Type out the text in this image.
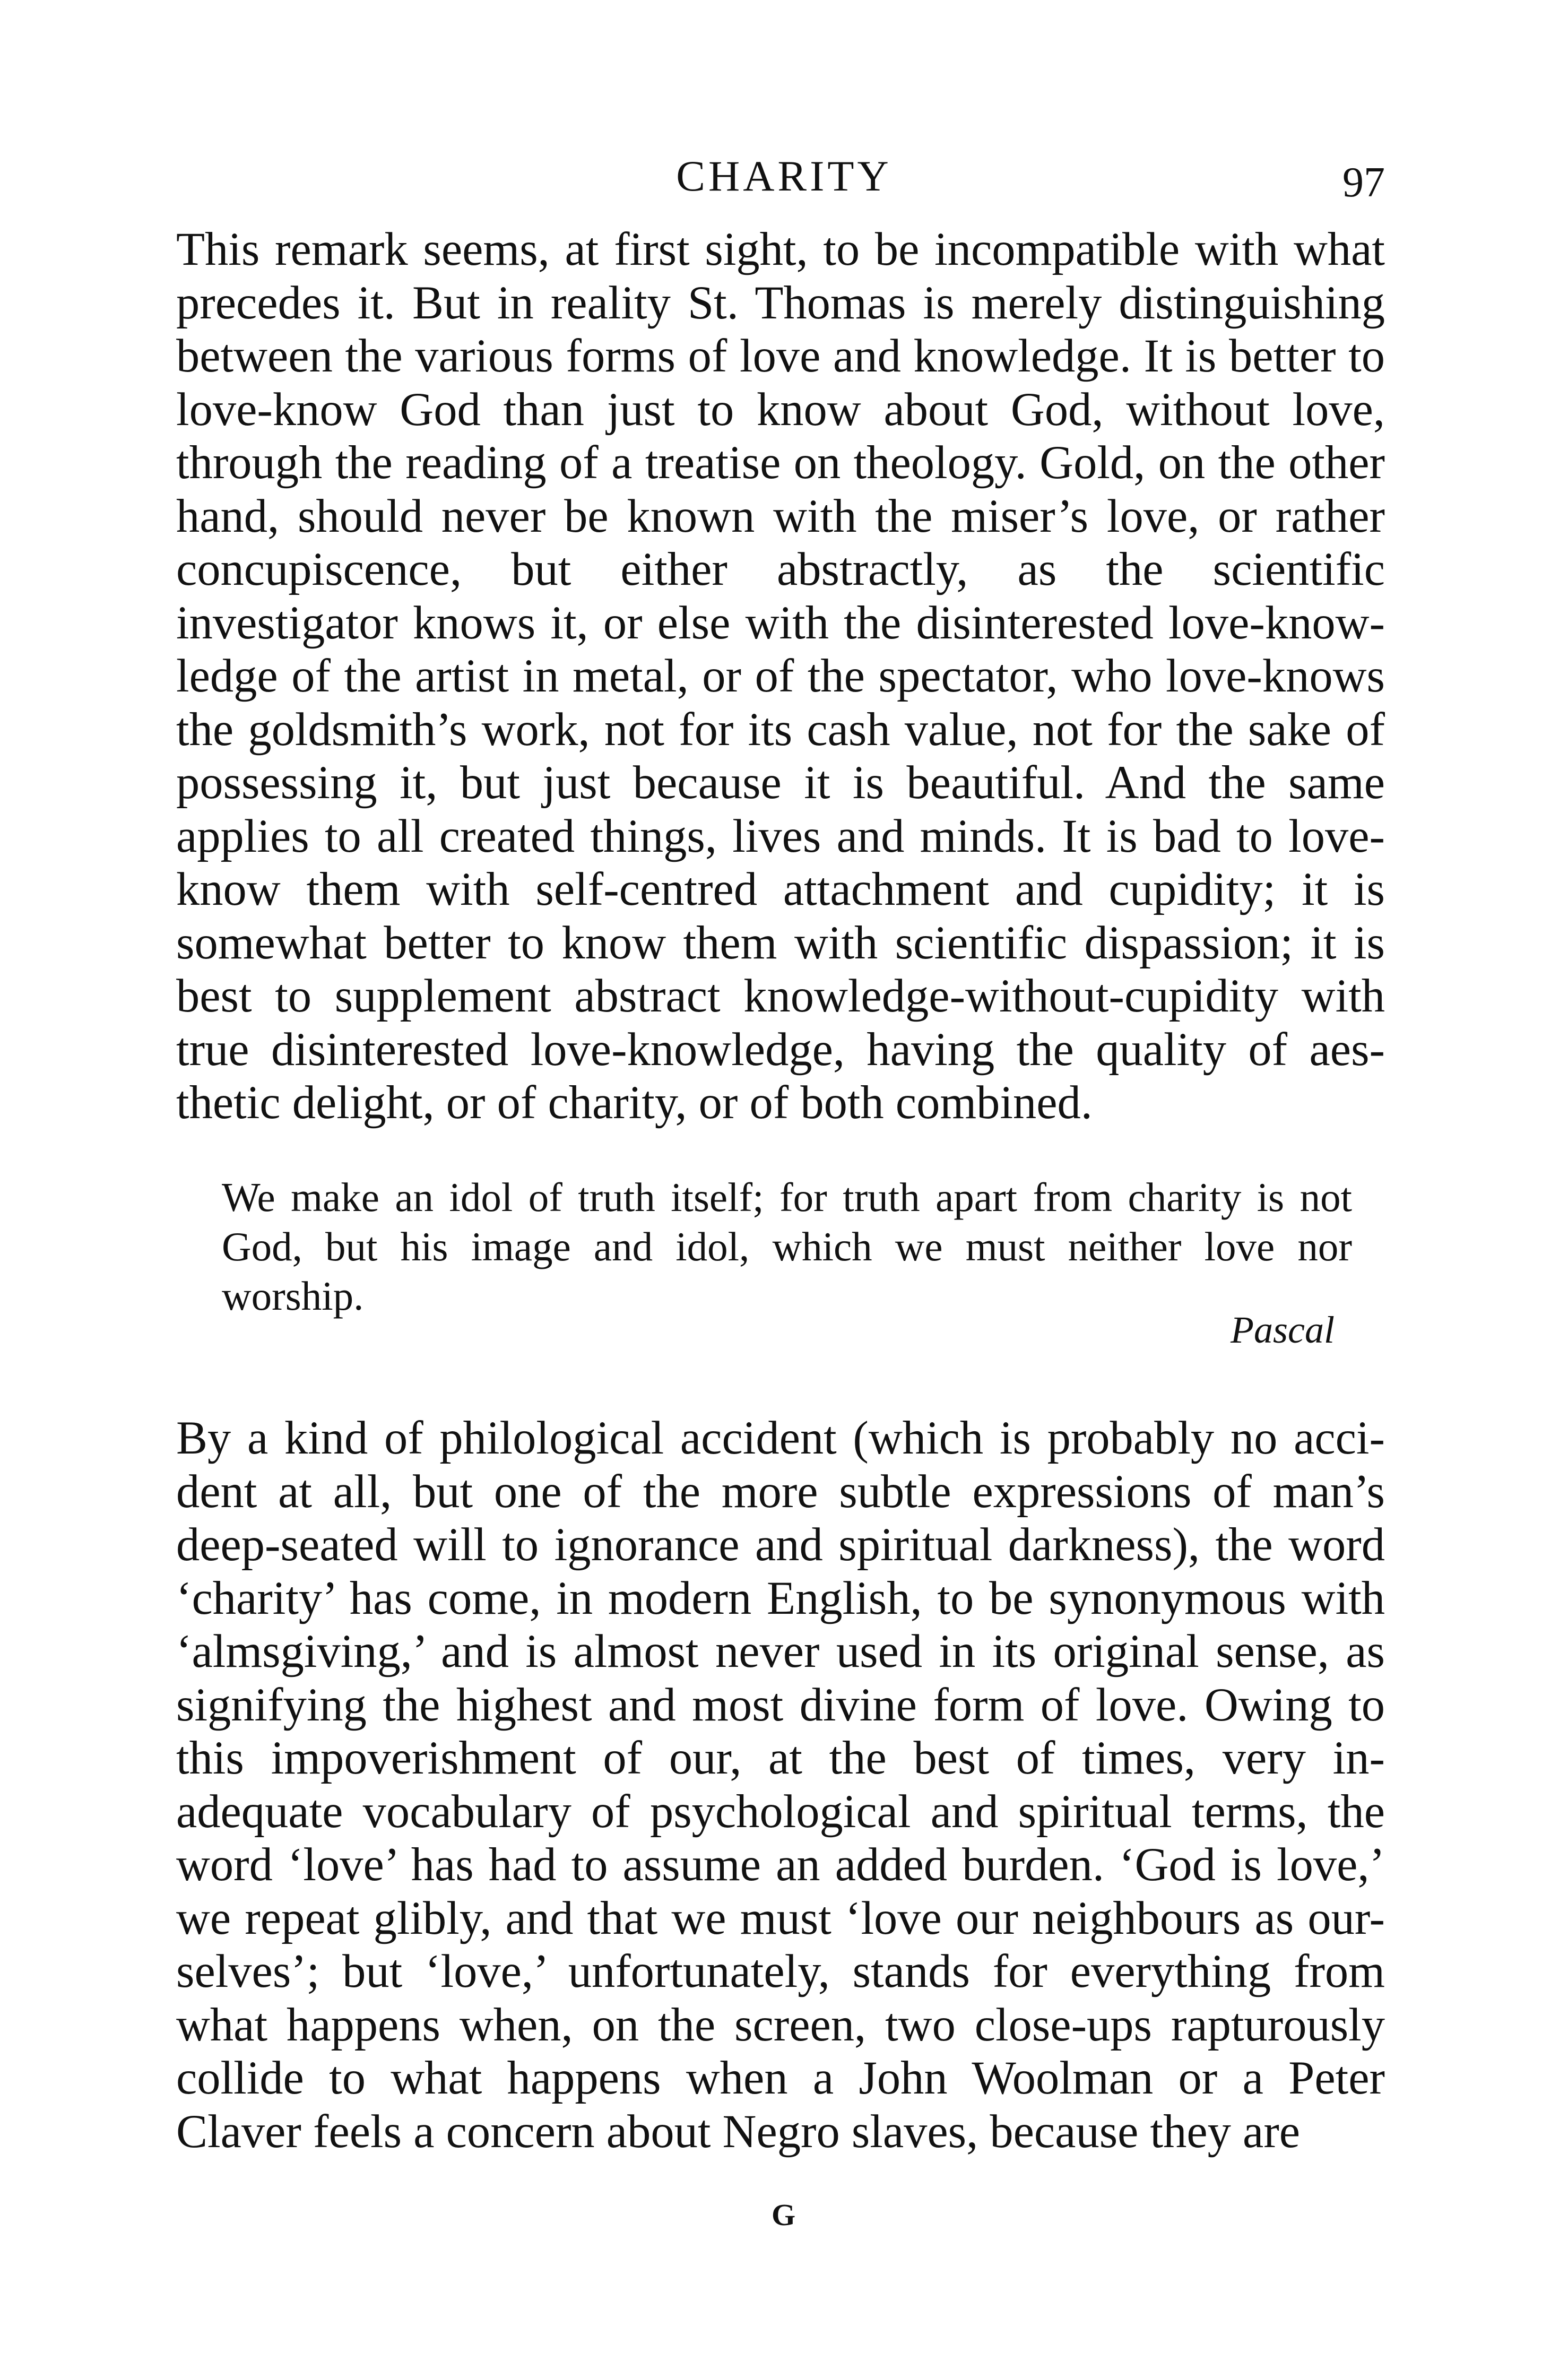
CHARITY	97

This remark seems, at first sight, to be incompatible with what precedes it. But in reality St. Thomas is merely distinguishing between the various forms of love and knowledge. It is better to love-know God than just to know about God, without love, through the reading of a treatise on theology. Gold, on the other hand, should never be known with the miser’s love, or rather concupiscence, but either abstractly, as the scientific investigator knows it, or else with the disinterested love-know-ledge of the artist in metal, or of the spectator, who love-knows the goldsmith’s work, not for its cash value, not for the sake of possessing it, but just because it is beautiful. And the same applies to all created things, lives and minds. It is bad to love-know them with self-centred attachment and cupidity; it is somewhat better to know them with scientific dispassion; it is best to supplement abstract knowledge-without-cupidity with true disinterested love-knowledge, having the quality of aes-thetic delight, or of charity, or of both combined.

We make an idol of truth itself; for truth apart from charity is not God, but his image and idol, which we must neither love nor worship.

Pascal

By a kind of philological accident (which is probably no acci-dent at all, but one of the more subtle expressions of man’s deep-seated will to ignorance and spiritual darkness), the word ‘charity’ has come, in modern English, to be synonymous with ‘almsgiving,’ and is almost never used in its original sense, as signifying the highest and most divine form of love. Owing to this impoverishment of our, at the best of times, very in-adequate vocabulary of psychological and spiritual terms, the word ‘love’ has had to assume an added burden. ‘God is love,’ we repeat glibly, and that we must ‘love our neighbours as our-selves’; but ‘love,’ unfortunately, stands for everything from what happens when, on the screen, two close-ups rapturously collide to what happens when a John Woolman or a Peter Claver feels a concern about Negro slaves, because they are

G
